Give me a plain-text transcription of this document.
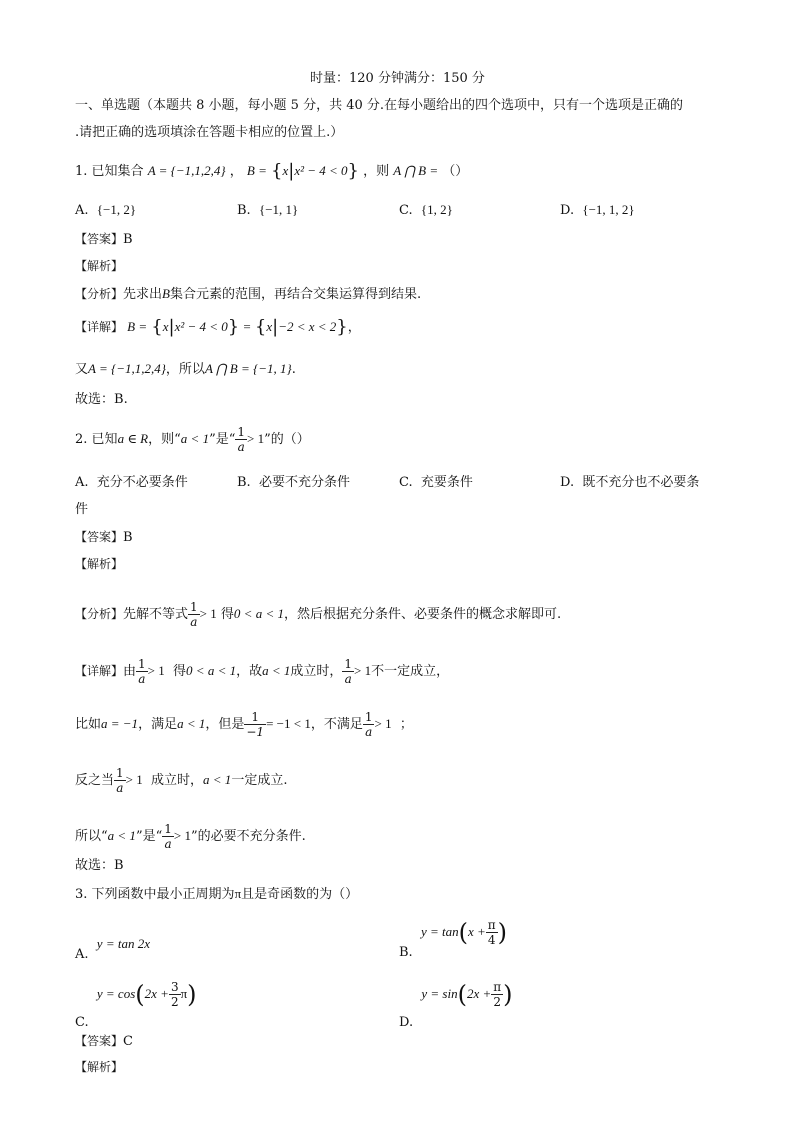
时量：120 分钟满分：150 分
一、单选题（本题共 8 小题，每小题 5 分，共 40 分.在每小题给出的四个选项中，只有一个选项是正确的
.请把正确的选项填涂在答题卡相应的位置上.）
1. 已知集合 A = {−1,1,2,4} ， B = {x|x² − 4 < 0} ，则 A ⋂ B = （）
A. {−1, 2}	B. {−1, 1}	C. {1, 2}	D. {−1, 1, 2}
【答案】B
【解析】
【分析】先求出B集合元素的范围，再结合交集运算得到结果.
【详解】 B = {x|x² − 4 < 0} = {x|−2 < x < 2}，
又A = {−1,1,2,4}，所以A ⋂ B = {−1, 1}.
故选：B.
2. 已知a ∈ R，则“a < 1”是“ $\frac{1}{a} > 1$”的（）
A. 充分不必要条件	B. 必要不充分条件	C. 充要条件	D. 既不充分也不必要条
件
【答案】B
【解析】
【分析】先解不等式 $\frac{1}{a} > 1$ 得0 < a < 1，然后根据充分条件、必要条件的概念求解即可.
【详解】由 $\frac{1}{a} > 1$ 得0 < a < 1，故a < 1成立时， $\frac{1}{a} > 1$不一定成立，
比如a = −1，满足a < 1，但是 $\frac{1}{-1} = -1 < 1$，不满足 $\frac{1}{a} > 1$ ；
反之当 $\frac{1}{a} > 1$ 成立时，a < 1一定成立.
所以“a < 1”是“ $\frac{1}{a} > 1$”的必要不充分条件.
故选：B
3. 下列函数中最小正周期为π且是奇函数的为（）
A.  y = tan 2x
B.  $y = \tan(x + \frac{\pi}{4}$ )
C.  $y = \cos(2x + \frac{3}{2} \pi)$
D.  $y = \sin(2x + \frac{\pi}{2}$ )
【答案】C
【解析】
